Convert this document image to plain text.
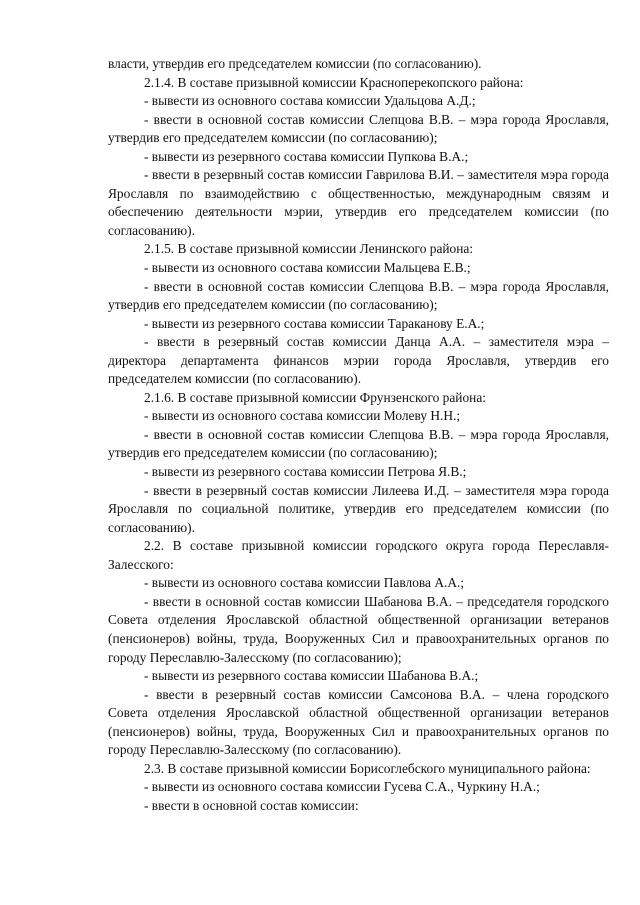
власти, утвердив его председателем комиссии (по согласованию).

2.1.4. В составе призывной комиссии Красноперекопского района:

- вывести из основного состава комиссии Удальцова А.Д.;

- ввести в основной состав комиссии Слепцова В.В. – мэра города Ярославля, утвердив его председателем комиссии (по согласованию);

- вывести из резервного состава комиссии Пупкова В.А.;

- ввести в резервный состав комиссии Гаврилова В.И. – заместителя мэра города Ярославля по взаимодействию с общественностью, международным связям и обеспечению деятельности мэрии, утвердив его председателем комиссии (по согласованию).

2.1.5. В составе призывной комиссии Ленинского района:

- вывести из основного состава комиссии Мальцева Е.В.;

- ввести в основной состав комиссии Слепцова В.В. – мэра города Ярославля, утвердив его председателем комиссии (по согласованию);

- вывести из резервного состава комиссии Тараканову Е.А.;

- ввести в резервный состав комиссии Данца А.А. – заместителя мэра – директора департамента финансов мэрии города Ярославля, утвердив его председателем комиссии (по согласованию).

2.1.6. В составе призывной комиссии Фрунзенского района:

- вывести из основного состава комиссии Молеву Н.Н.;

- ввести в основной состав комиссии Слепцова В.В. – мэра города Ярославля, утвердив его председателем комиссии (по согласованию);

- вывести из резервного состава комиссии Петрова Я.В.;

- ввести в резервный состав комиссии Лилеева И.Д. – заместителя мэра города Ярославля по социальной политике, утвердив его председателем комиссии (по согласованию).

2.2. В составе призывной комиссии городского округа города Переславля-Залесского:

- вывести из основного состава комиссии Павлова А.А.;

- ввести в основной состав комиссии Шабанова В.А. – председателя городского Совета отделения Ярославской областной общественной организации ветеранов (пенсионеров) войны, труда, Вооруженных Сил и правоохранительных органов по городу Переславлю-Залесскому (по согласованию);

- вывести из резервного состава комиссии Шабанова В.А.;

- ввести в резервный состав комиссии Самсонова В.А. – члена городского Совета отделения Ярославской областной общественной организации ветеранов (пенсионеров) войны, труда, Вооруженных Сил и правоохранительных органов по городу Переславлю-Залесскому (по согласованию).

2.3. В составе призывной комиссии Борисоглебского муниципального района:

- вывести из основного состава комиссии Гусева С.А., Чуркину Н.А.;

- ввести в основной состав комиссии:
